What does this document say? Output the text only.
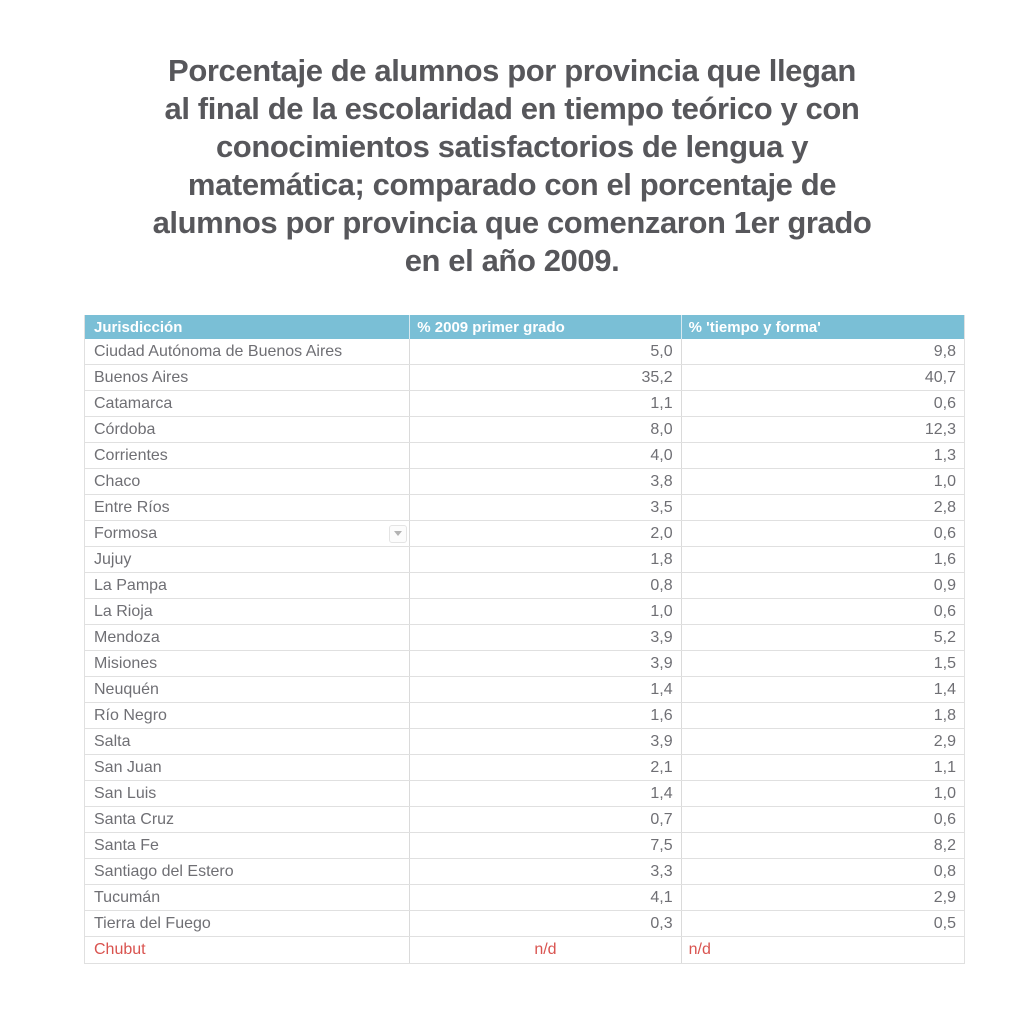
Porcentaje de alumnos por provincia que llegan
al final de la escolaridad en tiempo teórico y con
conocimientos satisfactorios de lengua y
matemática; comparado con el porcentaje de
alumnos por provincia que comenzaron 1er grado
en el año 2009.
Jurisdicción	% 2009 primer grado	% 'tiempo y forma'
Ciudad Autónoma de Buenos Aires	5,0	9,8
Buenos Aires	35,2	40,7
Catamarca	1,1	0,6
Córdoba	8,0	12,3
Corrientes	4,0	1,3
Chaco	3,8	1,0
Entre Ríos	3,5	2,8
Formosa	2,0	0,6
Jujuy	1,8	1,6
La Pampa	0,8	0,9
La Rioja	1,0	0,6
Mendoza	3,9	5,2
Misiones	3,9	1,5
Neuquén	1,4	1,4
Río Negro	1,6	1,8
Salta	3,9	2,9
San Juan	2,1	1,1
San Luis	1,4	1,0
Santa Cruz	0,7	0,6
Santa Fe	7,5	8,2
Santiago del Estero	3,3	0,8
Tucumán	4,1	2,9
Tierra del Fuego	0,3	0,5
Chubut	n/d	n/d
